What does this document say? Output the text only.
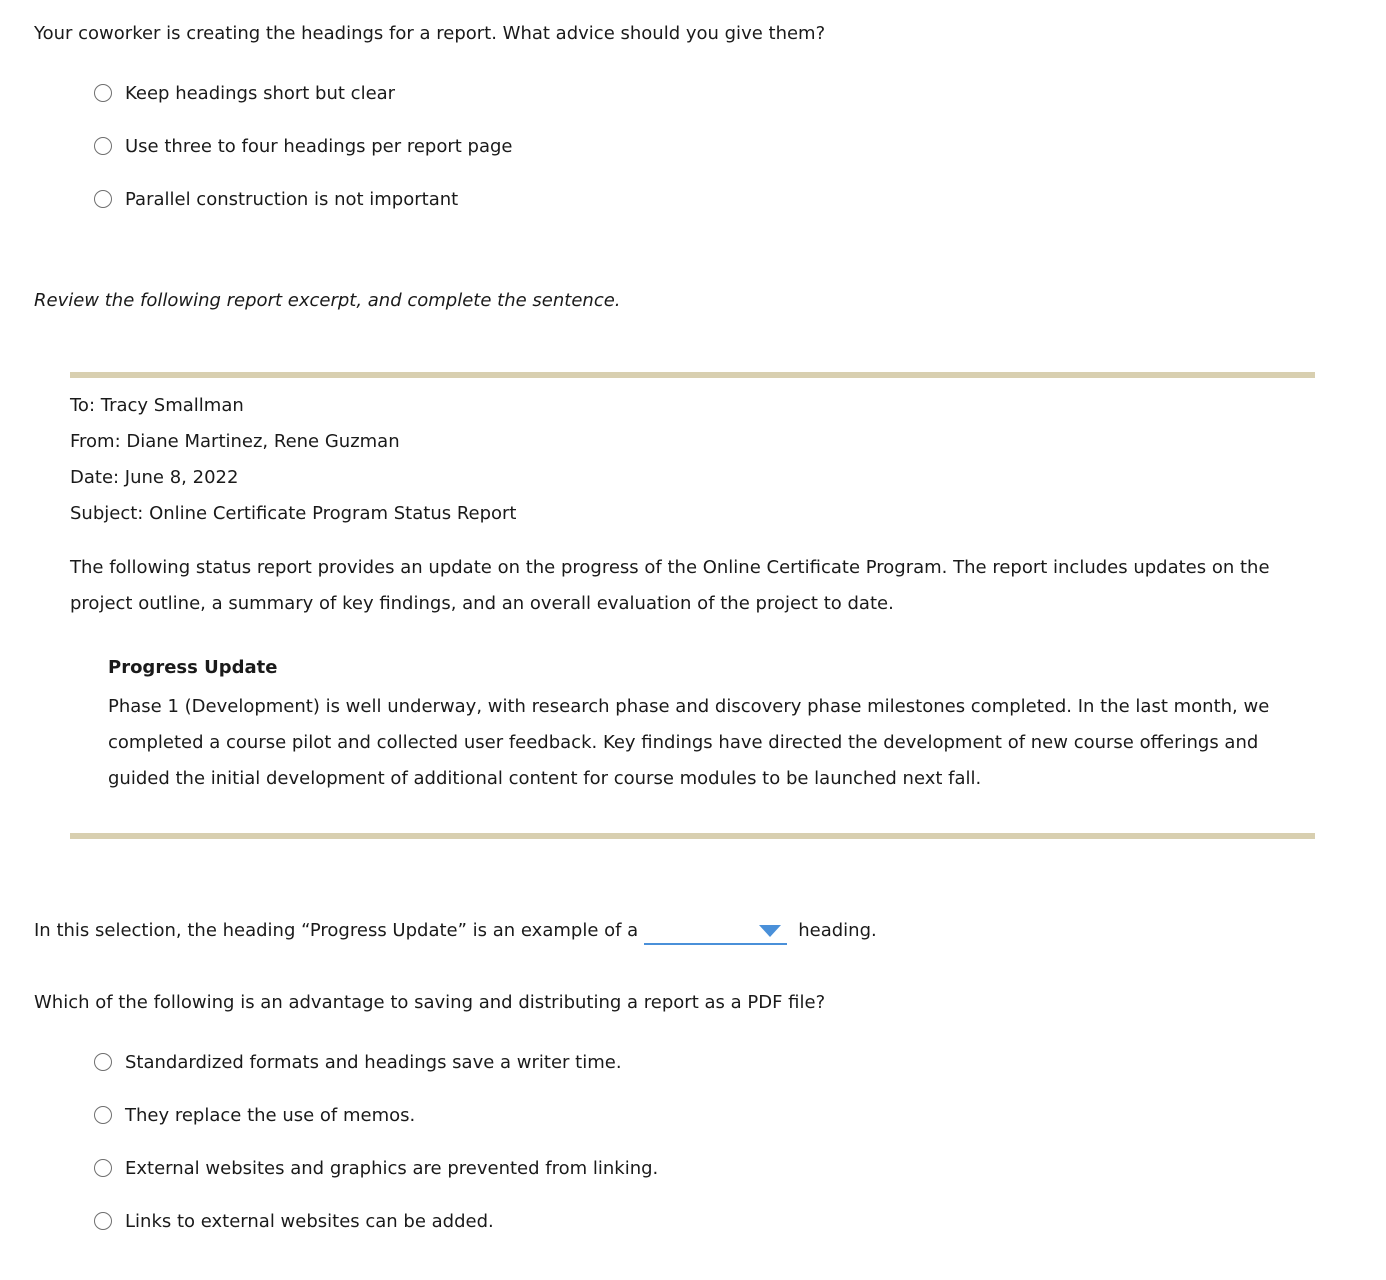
Your coworker is creating the headings for a report. What advice should you give them?
Keep headings short but clear
Use three to four headings per report page
Parallel construction is not important
Review the following report excerpt, and complete the sentence.
To: Tracy Smallman
From: Diane Martinez, Rene Guzman
Date: June 8, 2022
Subject: Online Certificate Program Status Report

The following status report provides an update on the progress of the Online Certificate Program. The report includes updates on the project outline, a summary of key findings, and an overall evaluation of the project to date.

Progress Update

Phase 1 (Development) is well underway, with research phase and discovery phase milestones completed. In the last month, we completed a course pilot and collected user feedback. Key findings have directed the development of new course offerings and guided the initial development of additional content for course modules to be launched next fall.

In this selection, the heading “Progress Update” is an example of a	heading.
Which of the following is an advantage to saving and distributing a report as a PDF file?
Standardized formats and headings save a writer time.
They replace the use of memos.
External websites and graphics are prevented from linking.
Links to external websites can be added.
